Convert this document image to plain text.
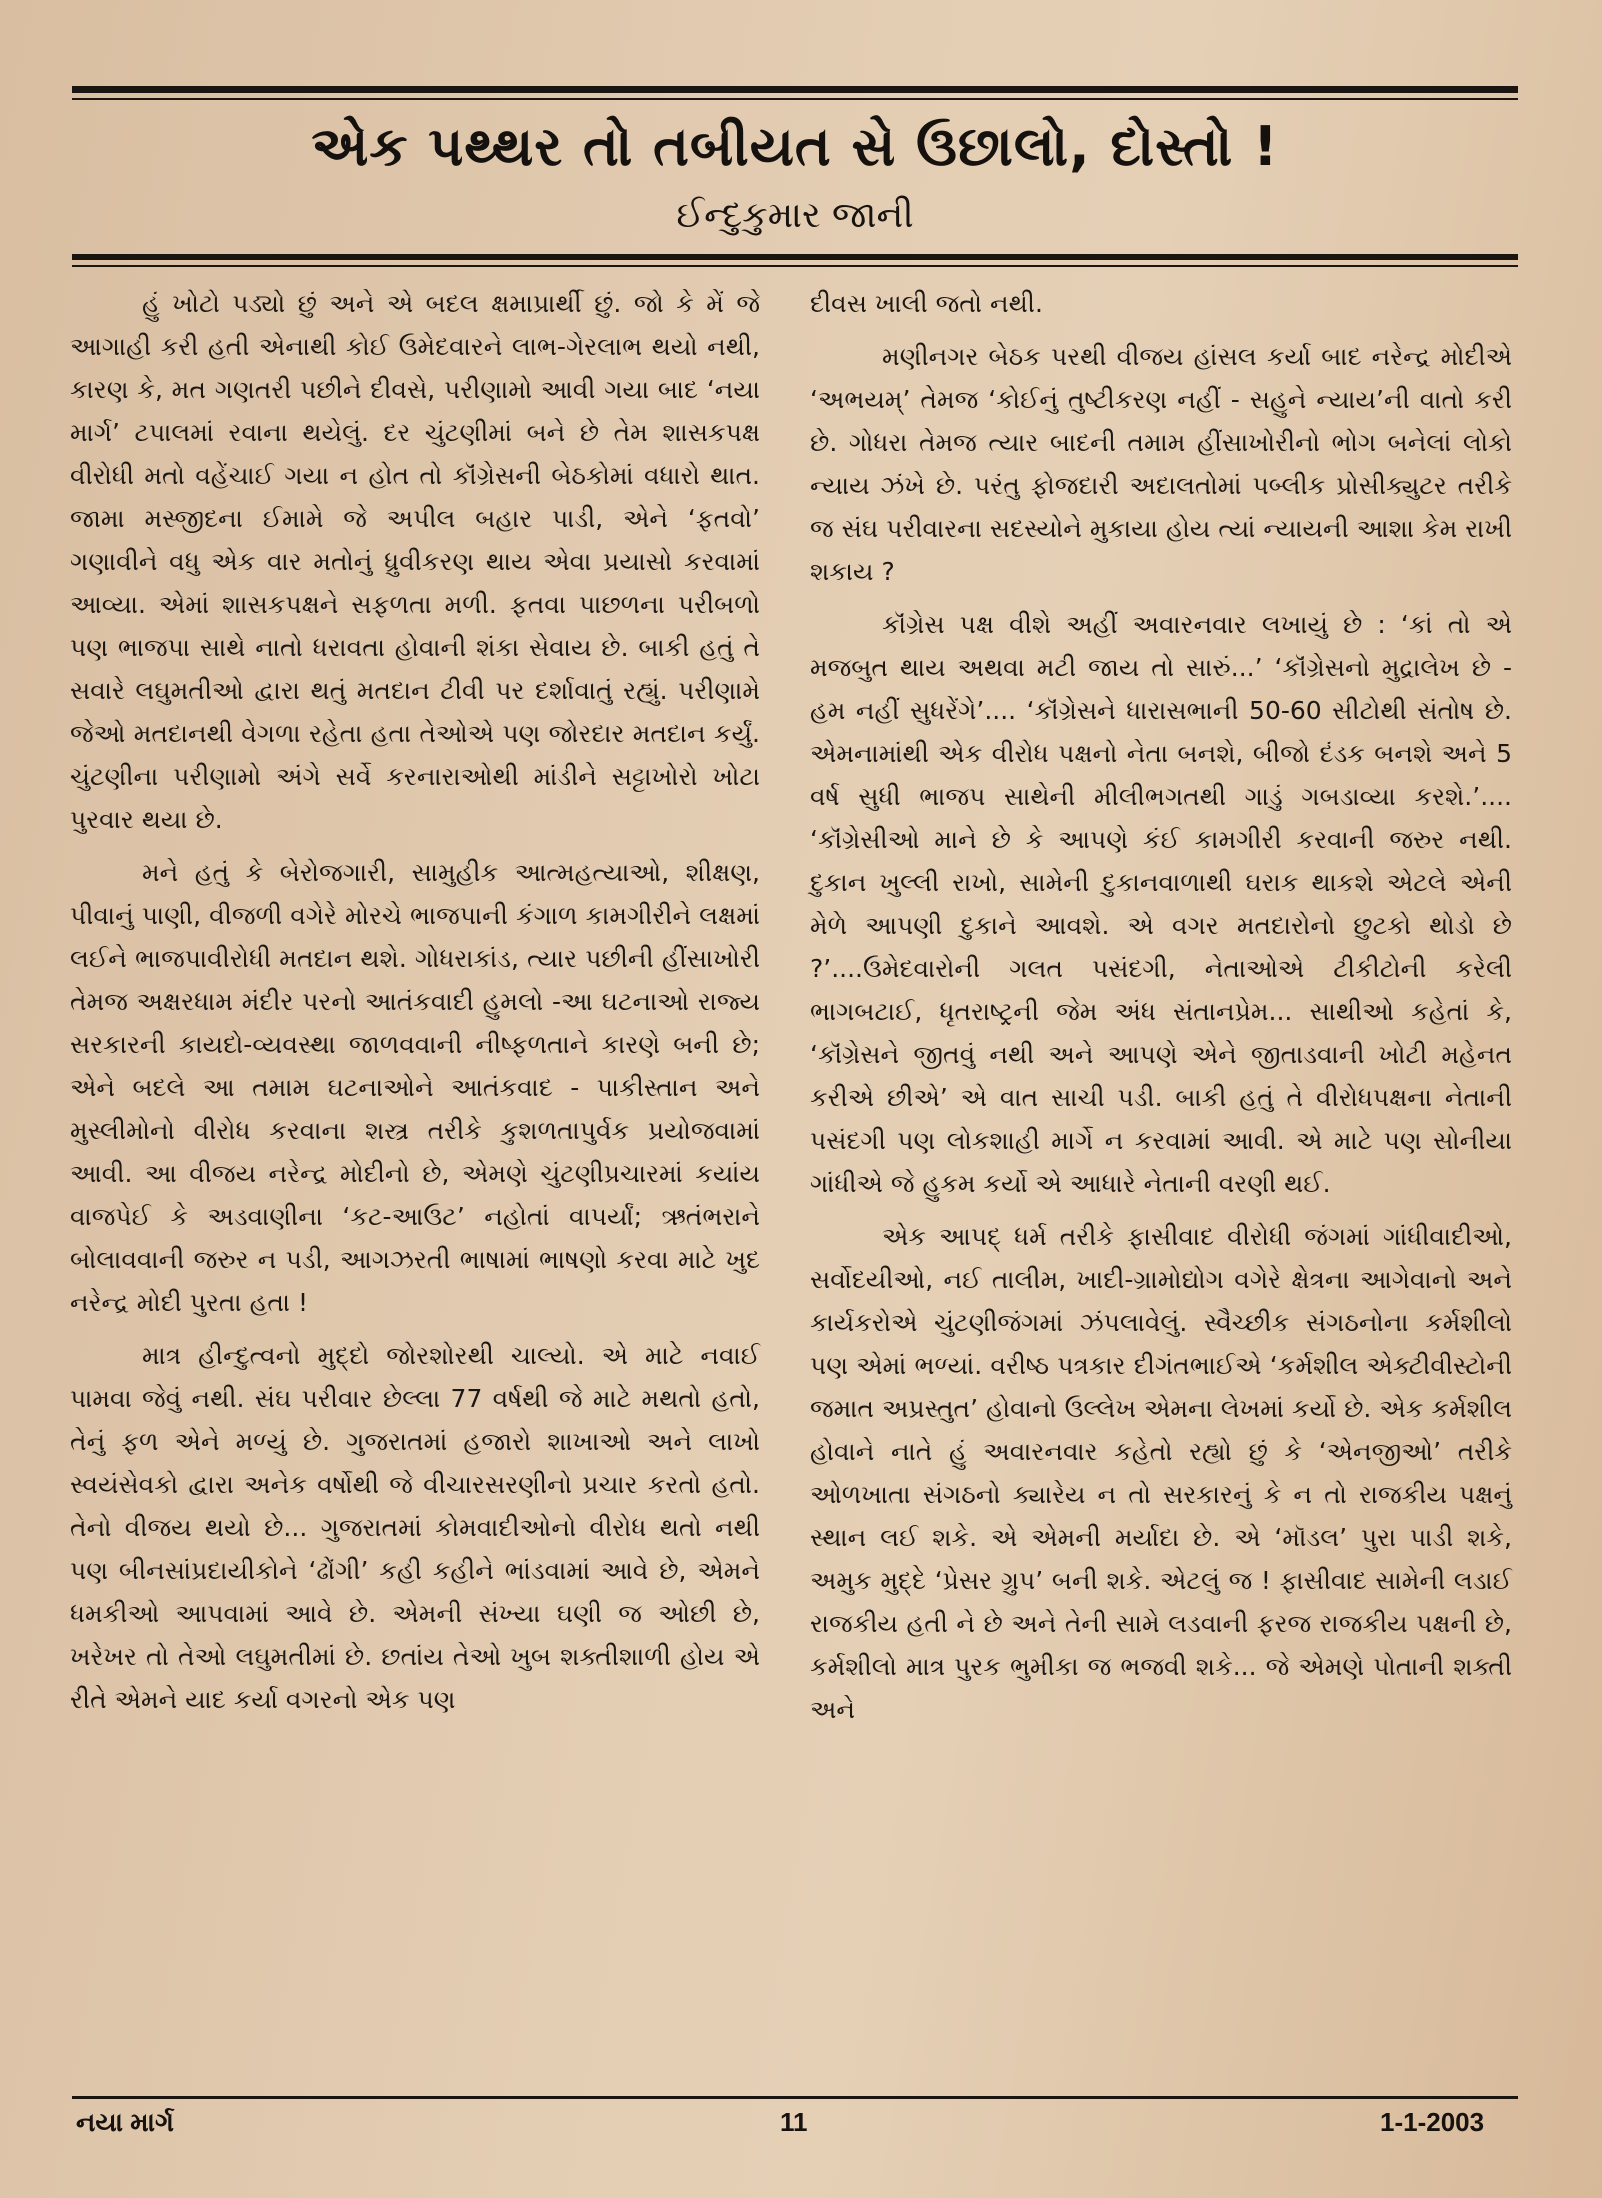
એક પથ્થર તો તબીયત સે ઉછાલો, દોસ્તો !
ઈન્દુકુમાર જાની

હું ખોટો પડ્યો છું અને એ બદલ ક્ષમાપ્રાર્થી છું. જો કે મેં જે આગાહી કરી હતી એનાથી કોઈ ઉમેદવારને લાભ-ગેરલાભ થયો નથી, કારણ કે, મત ગણતરી પછીને દીવસે, પરીણામો આવી ગયા બાદ ‘નયા માર્ગ’ ટપાલમાં રવાના થયેલું. દર ચુંટણીમાં બને છે તેમ શાસકપક્ષ વીરોધી મતો વહેંચાઈ ગયા ન હોત તો કૉંગ્રેસની બેઠકોમાં વધારો થાત. જામા મસ્જીદના ઈમામે જે અપીલ બહાર પાડી, એને ‘ફતવો’ ગણાવીને વધુ એક વાર મતોનું ધ્રુવીકરણ થાય એવા પ્રયાસો કરવામાં આવ્યા. એમાં શાસકપક્ષને સફળતા મળી. ફતવા પાછળના પરીબળો પણ ભાજપા સાથે નાતો ધરાવતા હોવાની શંકા સેવાય છે. બાકી હતું તે સવારે લઘુમતીઓ દ્વારા થતું મતદાન ટીવી પર દર્શાવાતું રહ્યું. પરીણામે જેઓ મતદાનથી વેગળા રહેતા હતા તેઓએ પણ જોરદાર મતદાન કર્યું. ચુંટણીના પરીણામો અંગે સર્વે કરનારાઓથી માંડીને સટ્ટાખોરો ખોટા પુરવાર થયા છે.

મને હતું કે બેરોજગારી, સામુહીક આત્મહત્યાઓ, શીક્ષણ, પીવાનું પાણી, વીજળી વગેરે મોરચે ભાજપાની કંગાળ કામગીરીને લક્ષમાં લઈને ભાજપાવીરોધી મતદાન થશે. ગોધરાકાંડ, ત્યાર પછીની હીંસાખોરી તેમજ અક્ષરધામ મંદીર પરનો આતંકવાદી હુમલો -આ ઘટનાઓ રાજ્ય સરકારની કાયદો-વ્યવસ્થા જાળવવાની નીષ્ફળતાને કારણે બની છે; એને બદલે આ તમામ ઘટનાઓને આતંકવાદ - પાકીસ્તાન અને મુસ્લીમોનો વીરોધ કરવાના શસ્ત્ર તરીકે કુશળતાપુર્વક પ્રયોજવામાં આવી. આ વીજય નરેન્દ્ર મોદીનો છે, એમણે ચુંટણીપ્રચારમાં કયાંય વાજપેઈ કે અડવાણીના ‘કટ-આઉટ’ નહોતાં વાપર્યાં; ઋતંભરાને બોલાવવાની જરુર ન પડી, આગઝરતી ભાષામાં ભાષણો કરવા માટે ખુદ નરેન્દ્ર મોદી પુરતા હતા !

માત્ર હીન્દુત્વનો મુદ્દો જોરશોરથી ચાલ્યો. એ માટે નવાઈ પામવા જેવું નથી. સંઘ પરીવાર છેલ્લા 77 વર્ષથી જે માટે મથતો હતો, તેનું ફળ એને મળ્યું છે. ગુજરાતમાં હજારો શાખાઓ અને લાખો સ્વયંસેવકો દ્વારા અનેક વર્ષોથી જે વીચારસરણીનો પ્રચાર કરતો હતો. તેનો વીજય થયો છે... ગુજરાતમાં કોમવાદીઓનો વીરોધ થતો નથી પણ બીનસાંપ્રદાયીકોને ‘ઢોંગી’ કહી કહીને ભાંડવામાં આવે છે, એમને ધમકીઓ આપવામાં આવે છે. એમની સંખ્યા ઘણી જ ઓછી છે, ખરેખર તો તેઓ લઘુમતીમાં છે. છતાંય તેઓ ખુબ શક્તીશાળી હોય એ રીતે એમને યાદ કર્યા વગરનો એક પણ

દીવસ ખાલી જતો નથી.

મણીનગર બેઠક પરથી વીજય હાંસલ કર્યા બાદ નરેન્દ્ર મોદીએ ‘અભયમ્’ તેમજ ‘કોઈનું તુષ્ટીકરણ નહીં - સહુને ન્યાય’ની વાતો કરી છે. ગોધરા તેમજ ત્યાર બાદની તમામ હીંસાખોરીનો ભોગ બનેલાં લોકો ન્યાય ઝંખે છે. પરંતુ ફોજદારી અદાલતોમાં પબ્લીક પ્રોસીક્યુટર તરીકે જ સંઘ પરીવારના સદસ્યોને મુકાયા હોય ત્યાં ન્યાયની આશા કેમ રાખી શકાય ?

કૉંગ્રેસ પક્ષ વીશે અહીં અવારનવાર લખાયું છે : ‘કાં તો એ મજબુત થાય અથવા મટી જાય તો સારું...’ ‘કૉંગ્રેસનો મુદ્રાલેખ છે - હમ નહીં સુધરેંગે’.... ‘કૉંગ્રેસને ધારાસભાની 50-60 સીટોથી સંતોષ છે. એમનામાંથી એક વીરોધ પક્ષનો નેતા બનશે, બીજો દંડક બનશે અને 5 વર્ષ સુધી ભાજપ સાથેની મીલીભગતથી ગાડું ગબડાવ્યા કરશે.’.... ‘કૉંગ્રેસીઓ માને છે કે આપણે કંઈ કામગીરી કરવાની જરુર નથી. દુકાન ખુલ્લી રાખો, સામેની દુકાનવાળાથી ઘરાક થાકશે એટલે એની મેળે આપણી દુકાને આવશે. એ વગર મતદારોનો છુટકો થોડો છે ?’....ઉમેદવારોની ગલત પસંદગી, નેતાઓએ ટીકીટોની કરેલી ભાગબટાઈ, ધૃતરાષ્ટ્રની જેમ અંધ સંતાનપ્રેમ... સાથીઓ કહેતાં કે, ‘કૉંગ્રેસને જીતવું નથી અને આપણે એને જીતાડવાની ખોટી મહેનત કરીએ છીએ’ એ વાત સાચી પડી. બાકી હતું તે વીરોધપક્ષના નેતાની પસંદગી પણ લોકશાહી માર્ગે ન કરવામાં આવી. એ માટે પણ સોનીયા ગાંધીએ જે હુકમ કર્યો એ આધારે નેતાની વરણી થઈ.

એક આપદ્ ધર્મ તરીકે ફાસીવાદ વીરોધી જંગમાં ગાંધીવાદીઓ, સર્વોદયીઓ, નઈ તાલીમ, ખાદી-ગ્રામોદ્યોગ વગેરે ક્ષેત્રના આગેવાનો અને કાર્યકરોએ ચુંટણીજંગમાં ઝંપલાવેલું. સ્વૈચ્છીક સંગઠનોના કર્મશીલો પણ એમાં ભળ્યાં. વરીષ્ઠ પત્રકાર દીગંતભાઈએ ‘કર્મશીલ એક્ટીવીસ્ટોની જમાત અપ્રસ્તુત’ હોવાનો ઉલ્લેખ એમના લેખમાં કર્યો છે. એક કર્મશીલ હોવાને નાતે હું અવારનવાર કહેતો રહ્યો છું કે ‘એનજીઓ’ તરીકે ઓળખાતા સંગઠનો ક્યારેય ન તો સરકારનું કે ન તો રાજકીય પક્ષનું સ્થાન લઈ શકે. એ એમની મર્યાદા છે. એ ‘મૉડલ’ પુરા પાડી શકે, અમુક મુદ્દે ‘પ્રેસર ગ્રુપ’ બની શકે. એટલું જ ! ફાસીવાદ સામેની લડાઈ રાજકીય હતી ને છે અને તેની સામે લડવાની ફરજ રાજકીય પક્ષની છે, કર્મશીલો માત્ર પુરક ભુમીકા જ ભજવી શકે... જે એમણે પોતાની શક્તી અને

નયા માર્ગ	11	1-1-2003
